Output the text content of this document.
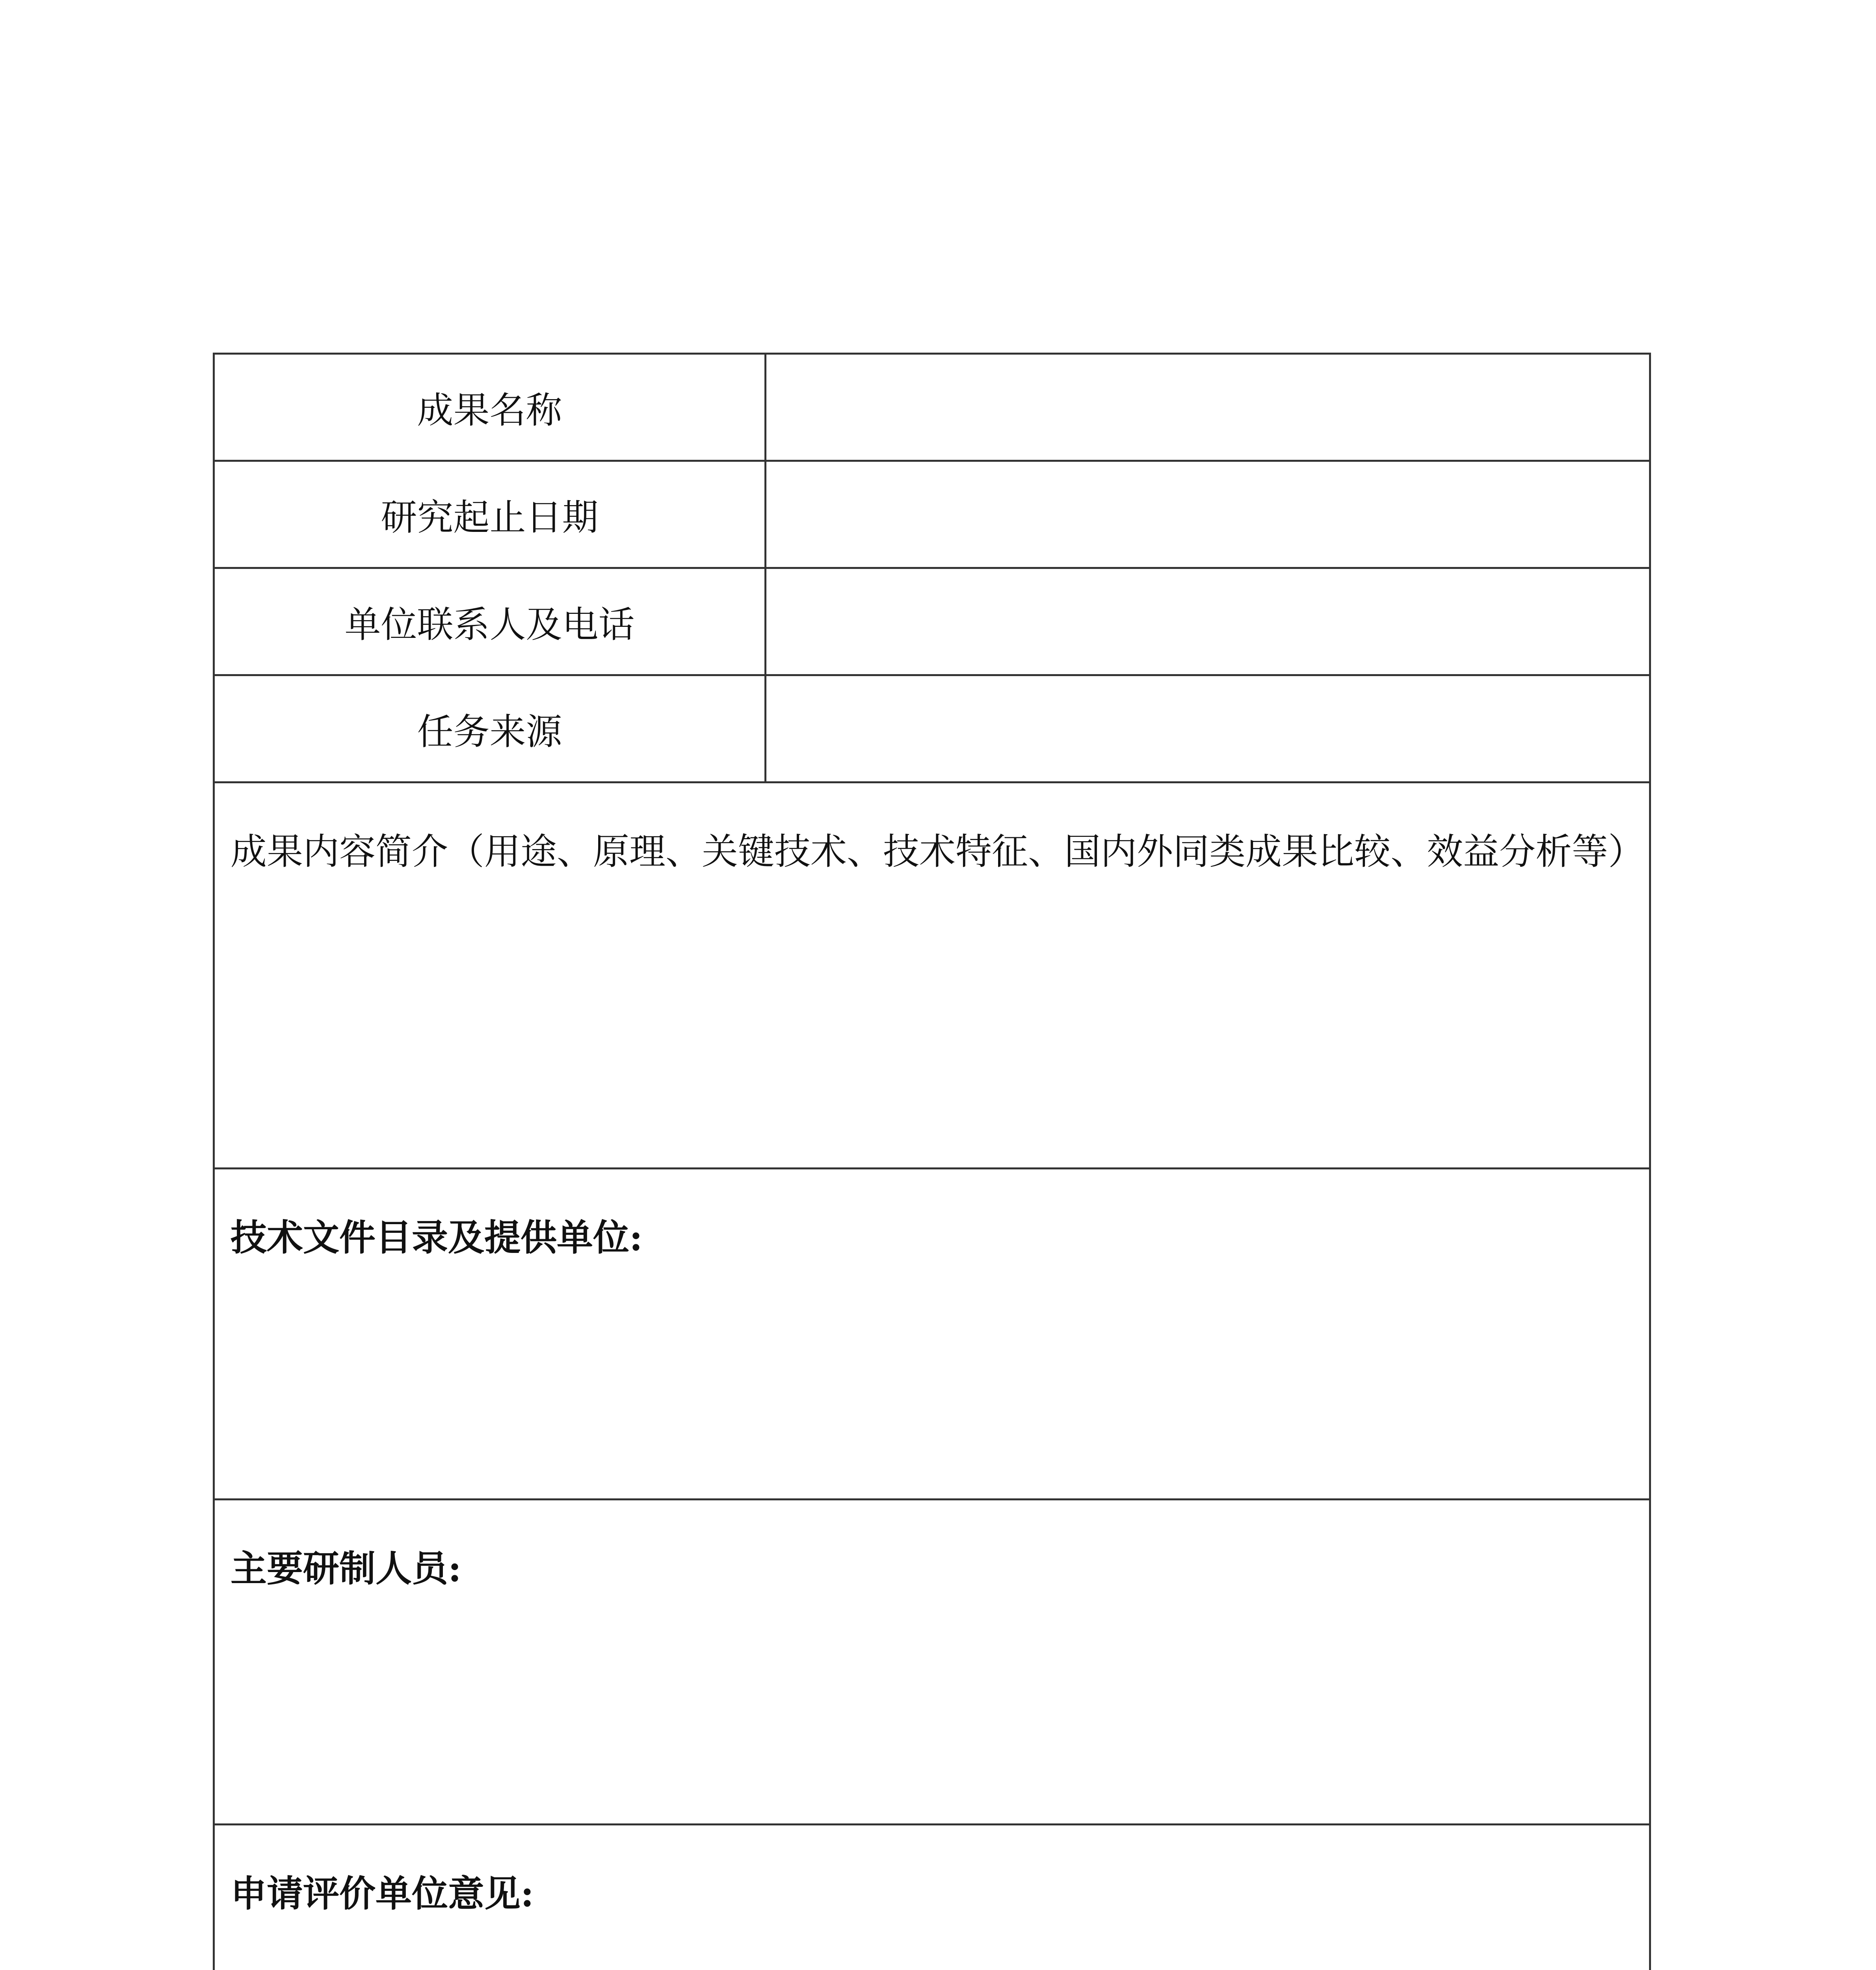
成果名称	
研究起止日期	
单位联系人及电话	
任务来源	
成果内容简介（用途、原理、关键技术、技术特征、国内外同类成果比较、效益分析等）	
技术文件目录及提供单位:	
主要研制人员:	
申请评价单位意见:	
